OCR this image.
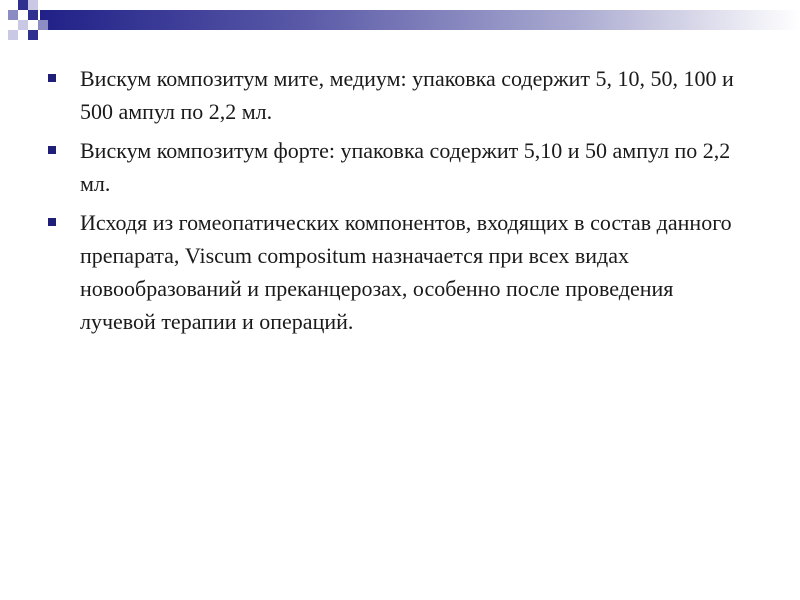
Вискум композитум мите, медиум: упаковка содержит 5, 10, 50, 100 и 500 ампул по 2,2 мл.

Вискум композитум форте: упаковка содержит 5,10 и 50 ампул по 2,2 мл.

Исходя из гомеопатических компонентов, входящих в состав данного препарата, Viscum compositum назначается при всех видах новообразований и преканцерозах, особенно после проведения лучевой терапии и операций.
